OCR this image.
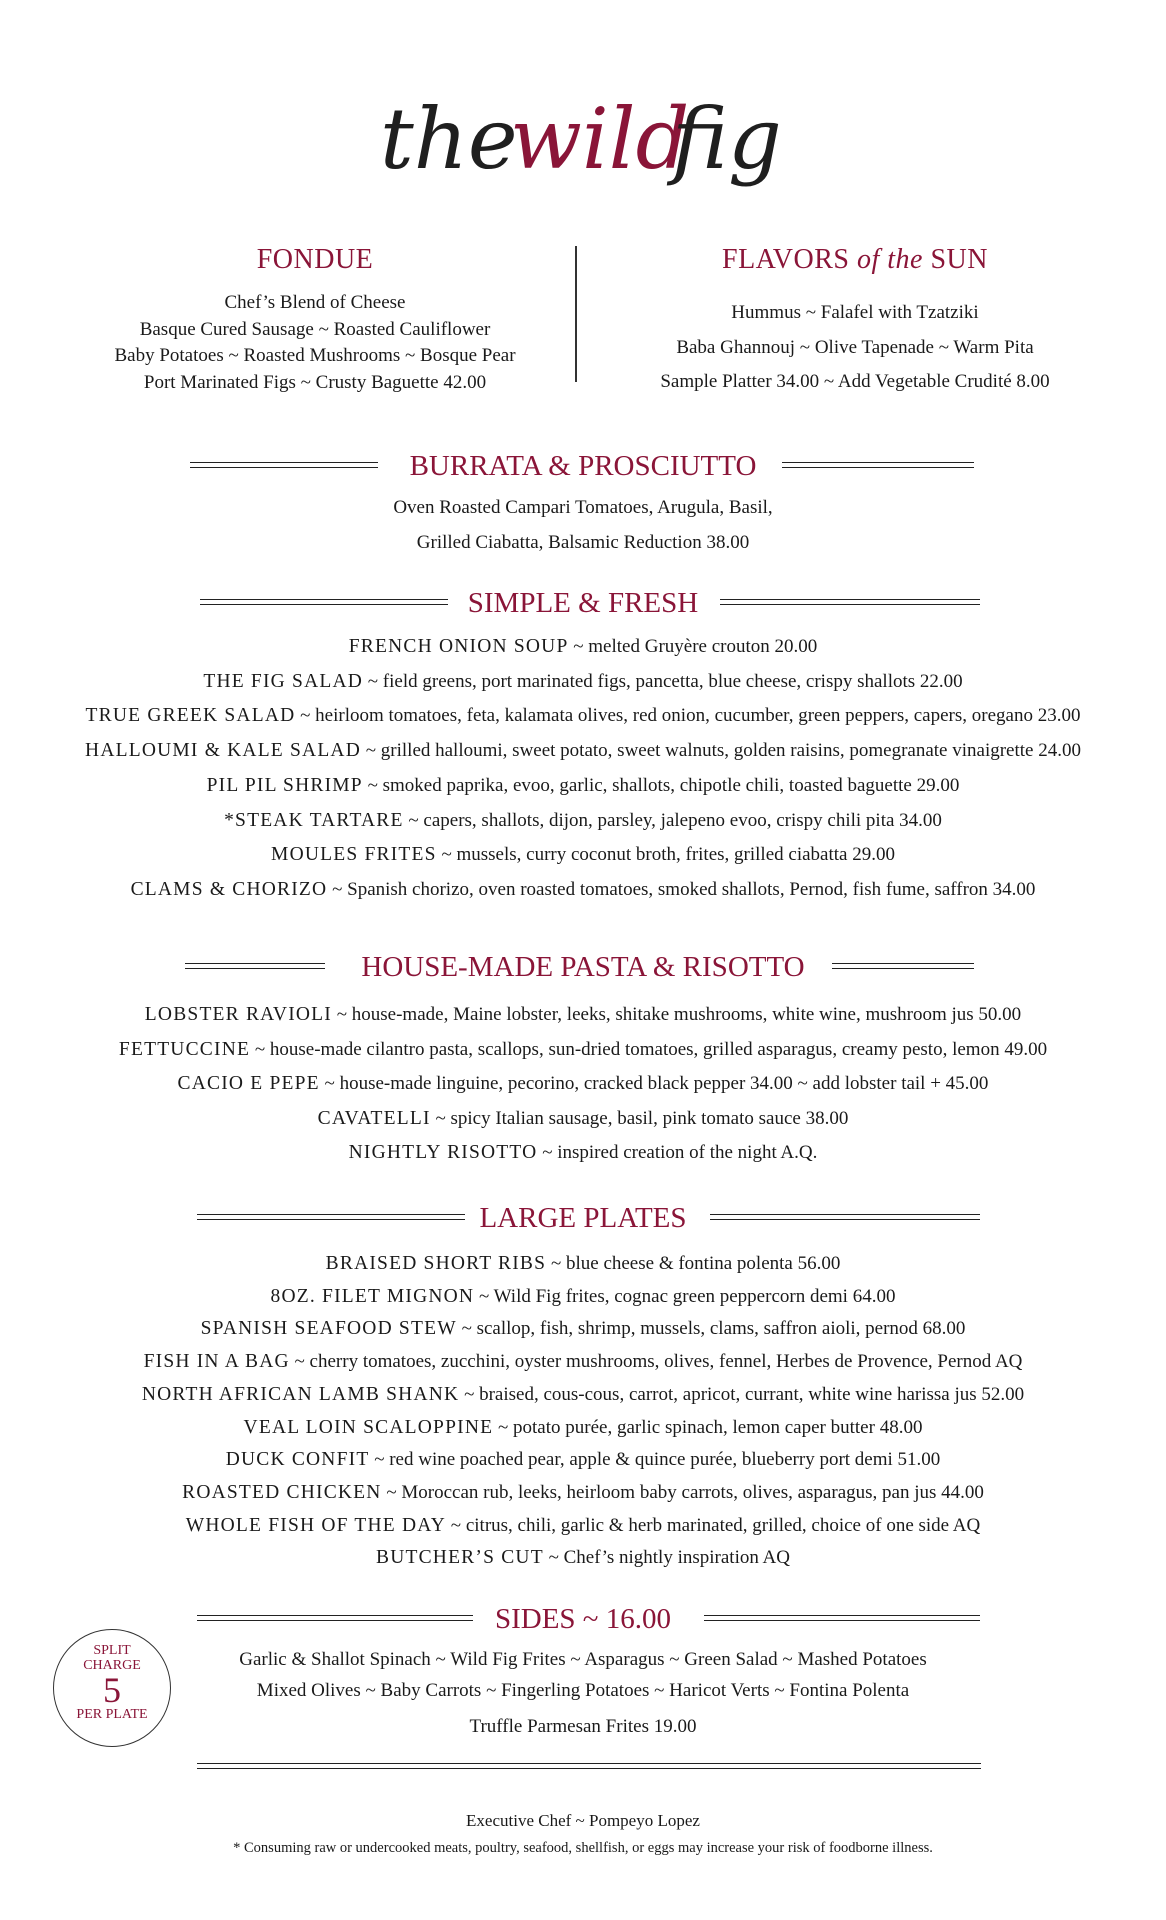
the
wild
fig
FONDUE
Chef’s Blend of Cheese
Basque Cured Sausage ~ Roasted Cauliflower
Baby Potatoes ~ Roasted Mushrooms ~ Bosque Pear
Port Marinated Figs ~ Crusty Baguette 42.00
FLAVORS of the SUN
Hummus ~ Falafel with Tzatziki
Baba Ghannouj ~ Olive Tapenade ~ Warm Pita
Sample Platter 34.00 ~ Add Vegetable Crudité 8.00
BURRATA & PROSCIUTTO
Oven Roasted Campari Tomatoes, Arugula, Basil,
Grilled Ciabatta, Balsamic Reduction 38.00
SIMPLE & FRESH
HOUSE-MADE PASTA & RISOTTO
LARGE PLATES
SIDES ~ 16.00
Garlic & Shallot Spinach ~ Wild Fig Frites ~ Asparagus ~ Green Salad ~ Mashed Potatoes
Mixed Olives ~ Baby Carrots ~ Fingerling Potatoes ~ Haricot Verts ~ Fontina Polenta
Truffle Parmesan Frites 19.00
SPLIT
CHARGE
5
PER PLATE
Executive Chef ~ Pompeyo Lopez
* Consuming raw or undercooked meats, poultry, seafood, shellfish, or eggs may increase your risk of foodborne illness.
FRENCH ONION SOUP ~ melted Gruyère crouton 20.00
THE FIG SALAD ~ field greens, port marinated figs, pancetta, blue cheese, crispy shallots 22.00
TRUE GREEK SALAD ~ heirloom tomatoes, feta, kalamata olives, red onion, cucumber, green peppers, capers, oregano 23.00
HALLOUMI & KALE SALAD ~ grilled halloumi, sweet potato, sweet walnuts, golden raisins, pomegranate vinaigrette 24.00
PIL PIL SHRIMP ~ smoked paprika, evoo, garlic, shallots, chipotle chili, toasted baguette 29.00
*STEAK TARTARE ~ capers, shallots, dijon, parsley, jalepeno evoo, crispy chili pita 34.00
MOULES FRITES ~ mussels, curry coconut broth, frites, grilled ciabatta 29.00
CLAMS & CHORIZO ~ Spanish chorizo, oven roasted tomatoes, smoked shallots, Pernod, fish fume, saffron 34.00
LOBSTER RAVIOLI ~ house-made, Maine lobster, leeks, shitake mushrooms, white wine, mushroom jus 50.00
FETTUCCINE ~ house-made cilantro pasta, scallops, sun-dried tomatoes, grilled asparagus, creamy pesto, lemon 49.00
CACIO E PEPE ~ house-made linguine, pecorino, cracked black pepper 34.00 ~ add lobster tail + 45.00
CAVATELLI ~ spicy Italian sausage, basil, pink tomato sauce 38.00
NIGHTLY RISOTTO ~ inspired creation of the night A.Q.
BRAISED SHORT RIBS ~ blue cheese & fontina polenta 56.00
8OZ. FILET MIGNON ~ Wild Fig frites, cognac green peppercorn demi 64.00
SPANISH SEAFOOD STEW ~ scallop, fish, shrimp, mussels, clams, saffron aioli, pernod 68.00
FISH IN A BAG ~ cherry tomatoes, zucchini, oyster mushrooms, olives, fennel, Herbes de Provence, Pernod AQ
NORTH AFRICAN LAMB SHANK ~ braised, cous-cous, carrot, apricot, currant, white wine harissa jus 52.00
VEAL LOIN SCALOPPINE ~ potato purée, garlic spinach, lemon caper butter 48.00
DUCK CONFIT ~ red wine poached pear, apple & quince purée, blueberry port demi 51.00
ROASTED CHICKEN ~ Moroccan rub, leeks, heirloom baby carrots, olives, asparagus, pan jus 44.00
WHOLE FISH OF THE DAY ~ citrus, chili, garlic & herb marinated, grilled, choice of one side AQ
BUTCHER’S CUT ~ Chef’s nightly inspiration AQ
